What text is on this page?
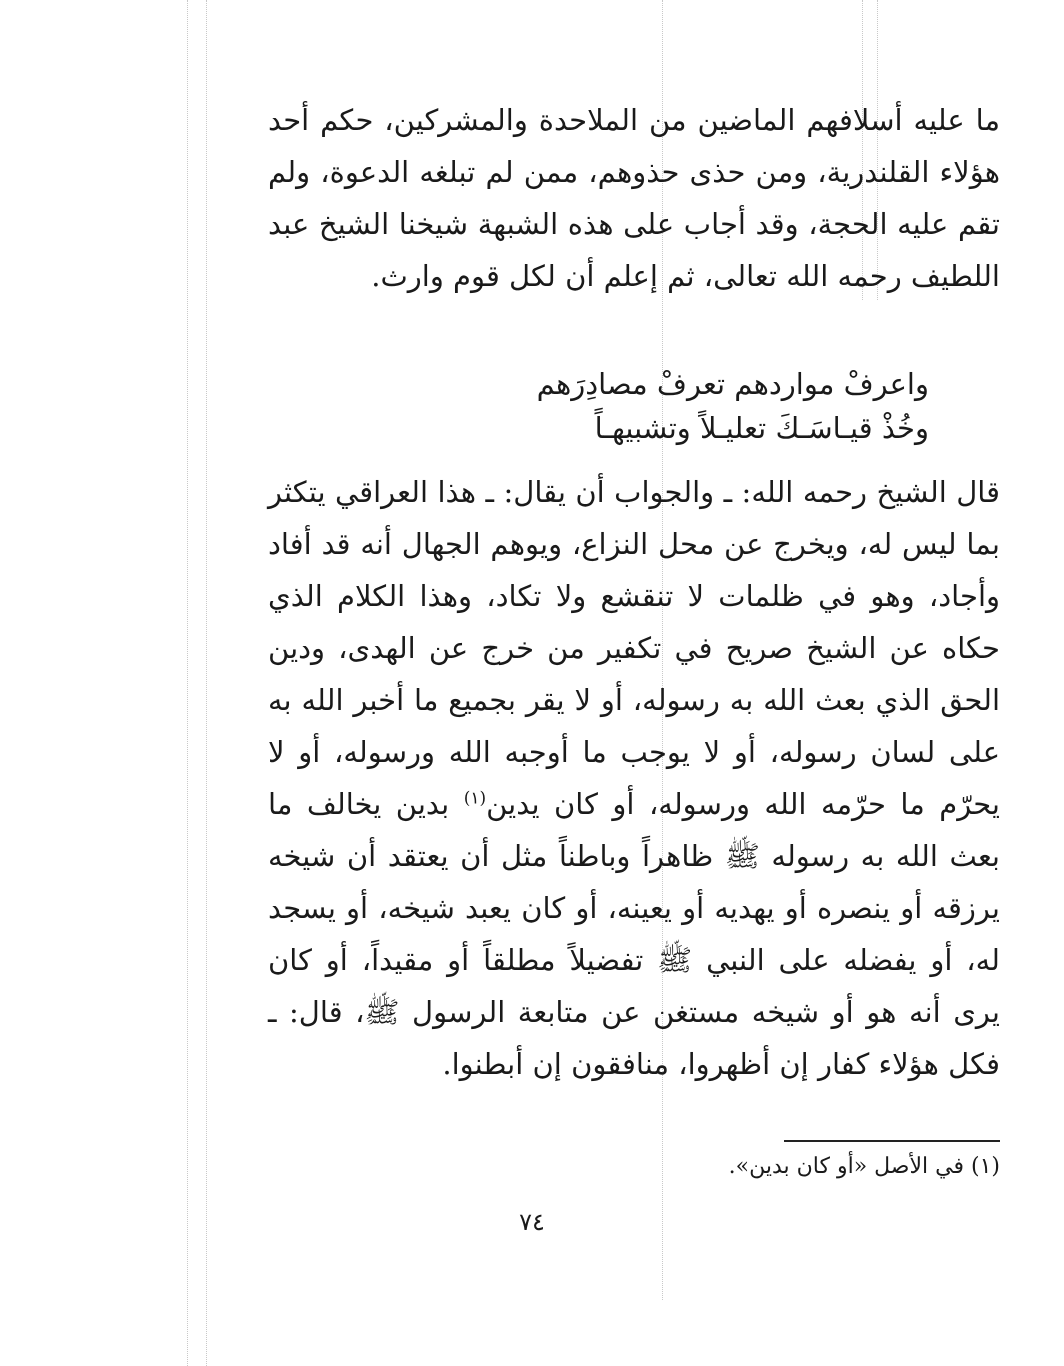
ما عليه أسلافهم الماضين من الملاحدة والمشركين، حكم أحد هؤلاء القلندرية، ومن حذى حذوهم، ممن لم تبلغه الدعوة، ولم تقم عليه الحجة، وقد أجاب على هذه الشبهة شيخنا الشيخ عبد اللطيف رحمه الله تعالى، ثم إعلم أن لكل قوم وارث.

واعرفْ مواردهم تعرفْ مصادِرَهم
وخُذْ قيـاسَـكَ تعليـلاً وتشبيهـاً

قال الشيخ رحمه الله: ـ والجواب أن يقال: ـ هذا العراقي يتكثر بما ليس له، ويخرج عن محل النزاع، ويوهم الجهال أنه قد أفاد وأجاد، وهو في ظلمات لا تنقشع ولا تكاد، وهذا الكلام الذي حكاه عن الشيخ صريح في تكفير من خرج عن الهدى، ودين الحق الذي بعث الله به رسوله، أو لا يقر بجميع ما أخبر الله به على لسان رسوله، أو لا يوجب ما أوجبه الله ورسوله، أو لا يحرّم ما حرّمه الله ورسوله، أو كان يدين$^{(١)}$ بدين يخالف ما بعث الله به رسوله ﷺ ظاهراً وباطناً مثل أن يعتقد أن شيخه يرزقه أو ينصره أو يهديه أو يعينه، أو كان يعبد شيخه، أو يسجد له، أو يفضله على النبي ﷺ تفضيلاً مطلقاً أو مقيداً، أو كان يرى أنه هو أو شيخه مستغن عن متابعة الرسول ﷺ، قال: ـ فكل هؤلاء كفار إن أظهروا، منافقون إن أبطنوا.

(١) في الأصل «أو كان بدين».
٧٤
